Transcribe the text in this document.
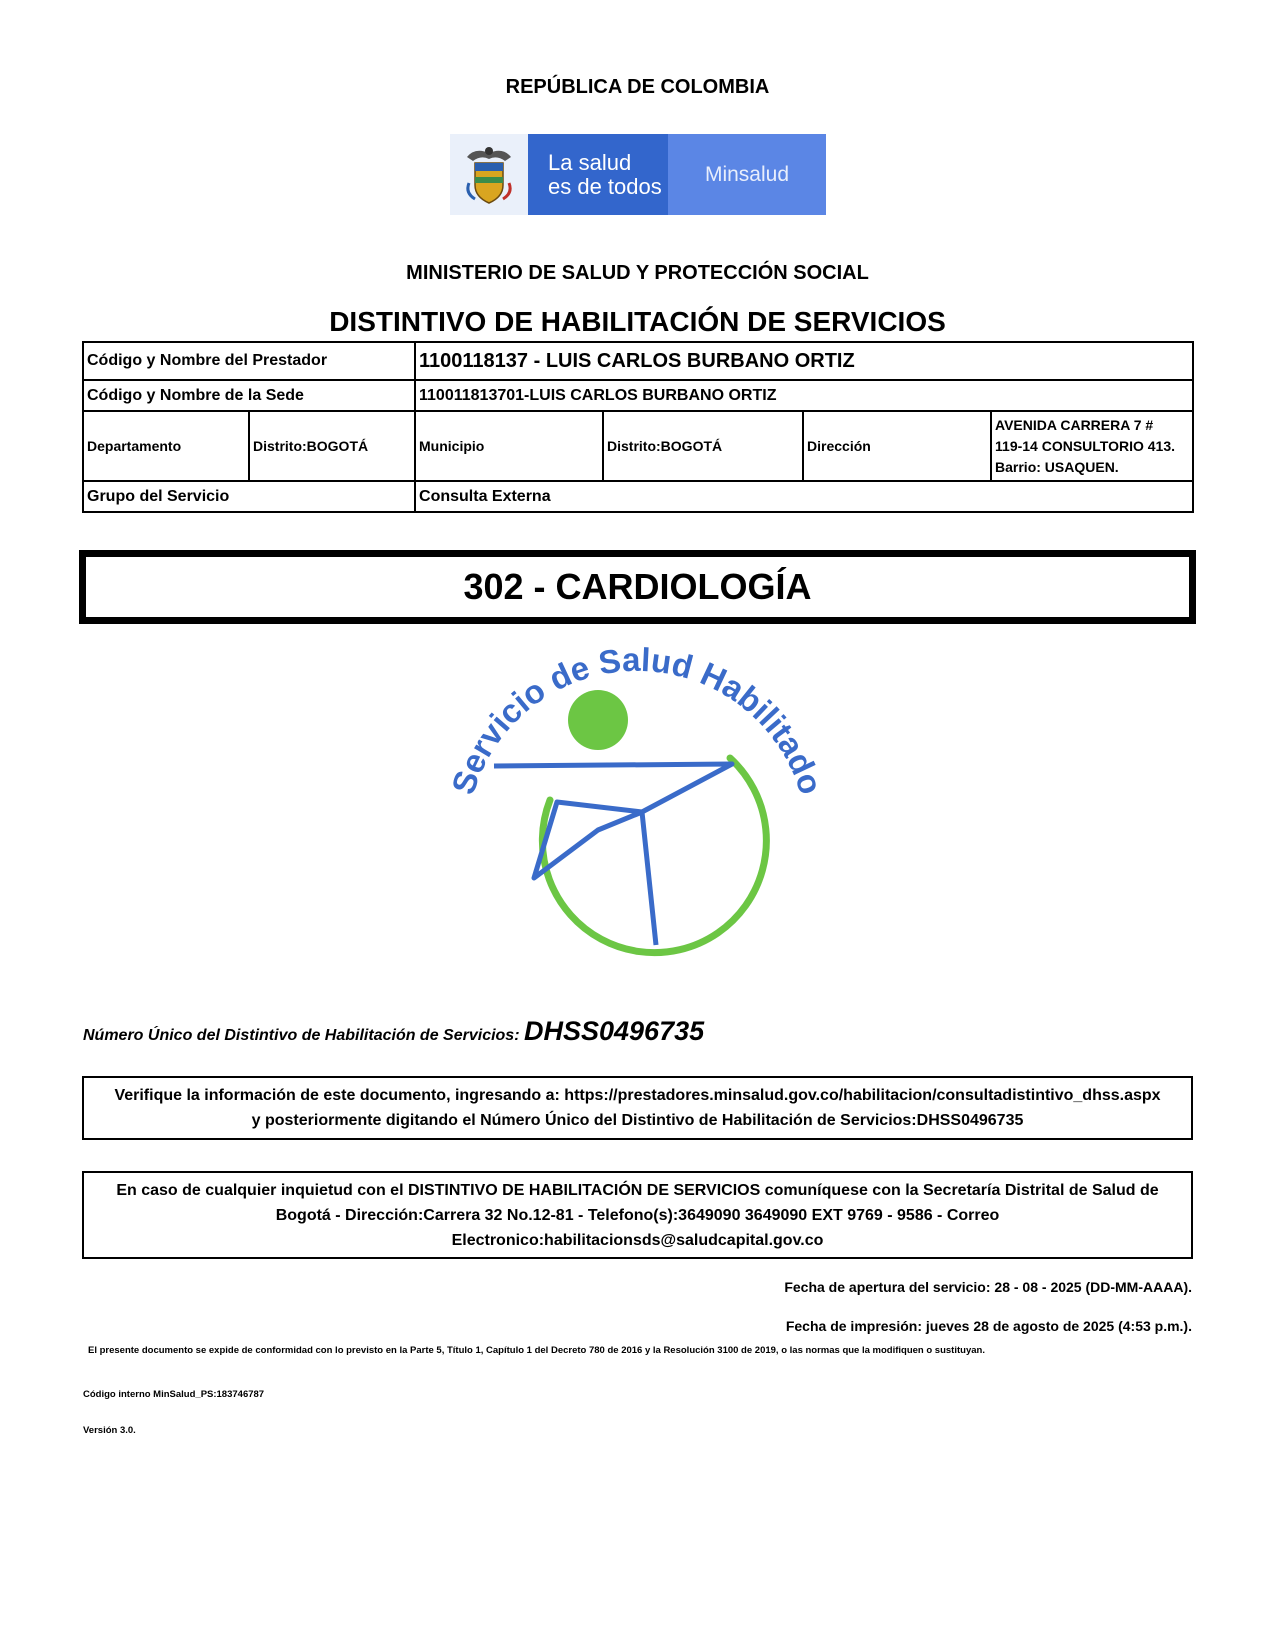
REPÚBLICA DE COLOMBIA
La salud
es de todos	Minsalud
MINISTERIO DE SALUD Y PROTECCIÓN SOCIAL
DISTINTIVO DE HABILITACIÓN DE SERVICIOS
Código y Nombre del Prestador		1100118137 - LUIS CARLOS BURBANO ORTIZ			
Código y Nombre de la Sede		110011813701-LUIS CARLOS BURBANO ORTIZ			
Departamento	Distrito:BOGOTÁ	Municipio	Distrito:BOGOTÁ	Dirección	AVENIDA CARRERA 7 #
119-14 CONSULTORIO 413.
Barrio: USAQUEN.

Grupo del Servicio		Consulta Externa			
302 - CARDIOLOGÍA
Servicio de Salud Habilitado
Número Único del Distintivo de Habilitación de Servicios: DHSS0496735
Verifique la información de este documento, ingresando a: https://prestadores.minsalud.gov.co/habilitacion/consultadistintivo_dhss.aspx
y posteriormente digitando el Número Único del Distintivo de Habilitación de Servicios:DHSS0496735
En caso de cualquier inquietud con el DISTINTIVO DE HABILITACIÓN DE SERVICIOS comuníquese con la Secretaría Distrital de Salud de
Bogotá - Dirección:Carrera 32 No.12-81 - Telefono(s):3649090 3649090 EXT 9769 - 9586 - Correo
Electronico:habilitacionsds@saludcapital.gov.co
Fecha de apertura del servicio: 28 - 08 - 2025 (DD-MM-AAAA).
Fecha de impresión: jueves 28 de agosto de 2025 (4:53 p.m.).
El presente documento se expide de conformidad con lo previsto en la Parte 5, Título 1, Capítulo 1 del Decreto 780 de 2016 y la Resolución 3100 de 2019, o las normas que la modifiquen o sustituyan.
Código interno MinSalud_PS:183746787
Versión 3.0.
